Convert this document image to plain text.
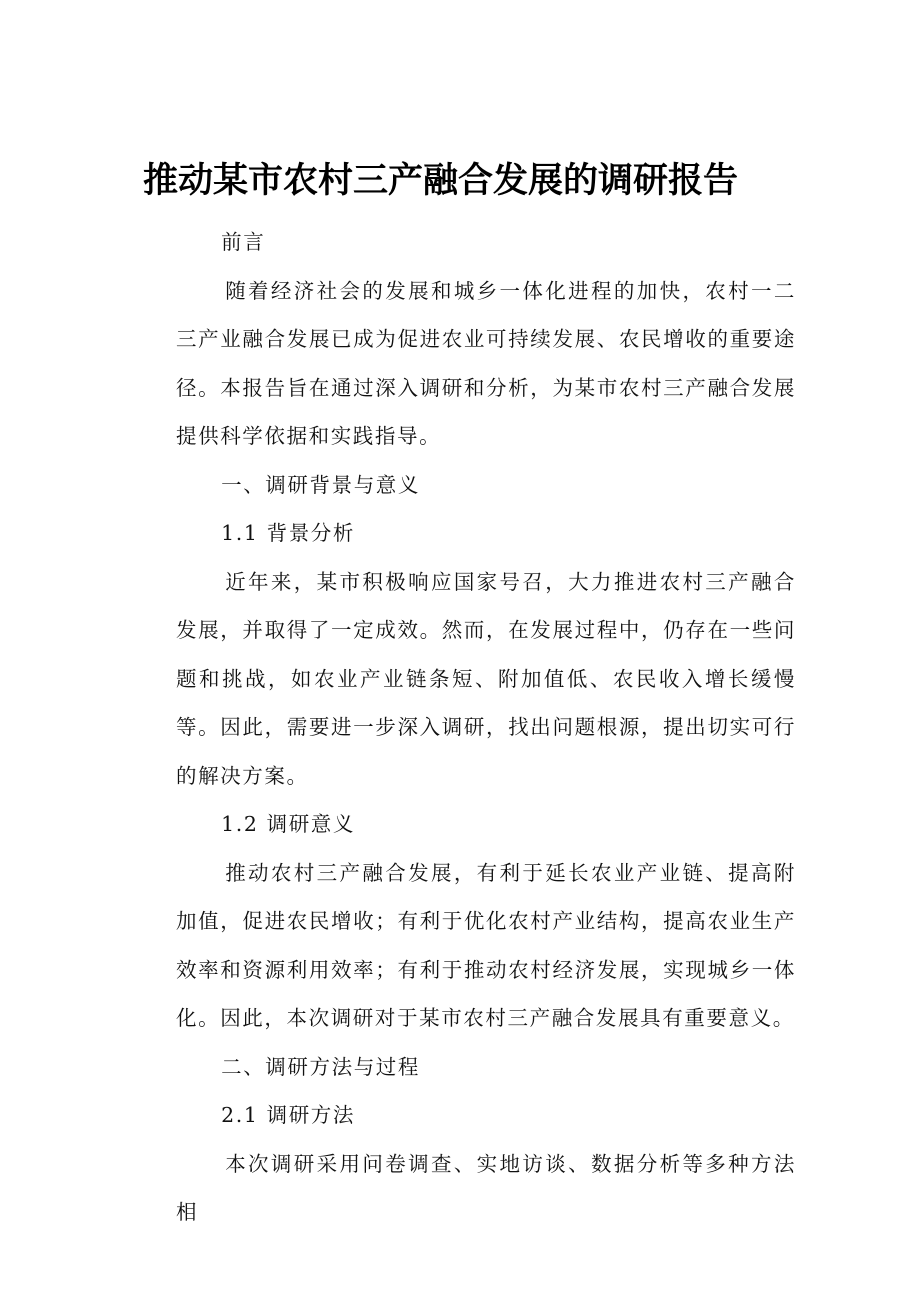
推动某市农村三产融合发展的调研报告

前言

随着经济社会的发展和城乡一体化进程的加快，农村一二三产业融合发展已成为促进农业可持续发展、农民增收的重要途径。本报告旨在通过深入调研和分析，为某市农村三产融合发展提供科学依据和实践指导。

一、调研背景与意义

1.1 背景分析

近年来，某市积极响应国家号召，大力推进农村三产融合发展，并取得了一定成效。然而，在发展过程中，仍存在一些问题和挑战，如农业产业链条短、附加值低、农民收入增长缓慢等。因此，需要进一步深入调研，找出问题根源，提出切实可行的解决方案。

1.2 调研意义

推动农村三产融合发展，有利于延长农业产业链、提高附加值，促进农民增收；有利于优化农村产业结构，提高农业生产效率和资源利用效率；有利于推动农村经济发展，实现城乡一体化。因此，本次调研对于某市农村三产融合发展具有重要意义。

二、调研方法与过程

2.1 调研方法

本次调研采用问卷调查、实地访谈、数据分析等多种方法相
